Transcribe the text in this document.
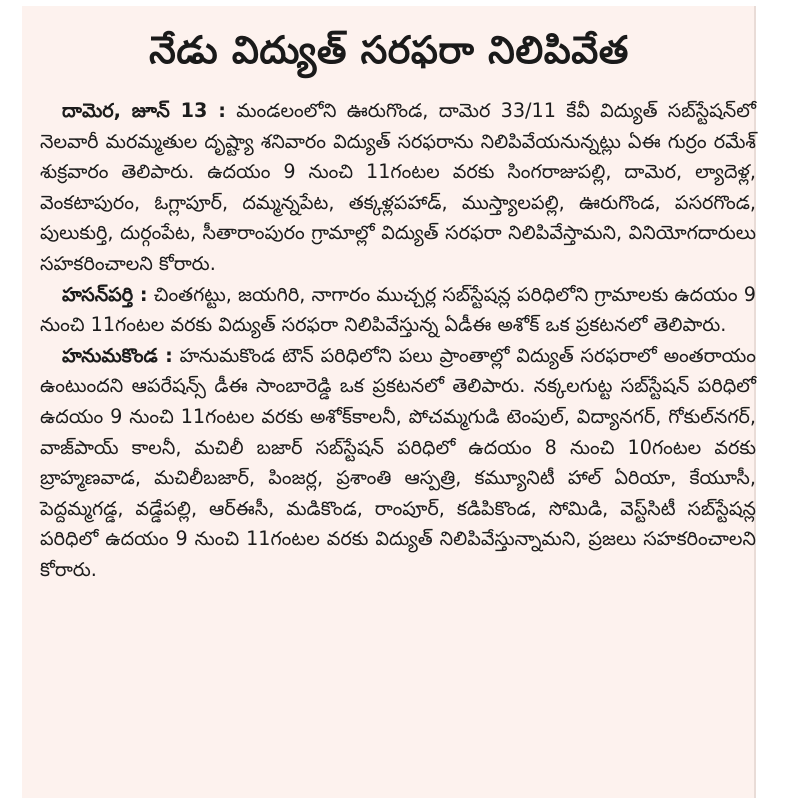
నేడు విద్యుత్ సరఫరా నిలిపివేత

దామెర, జూన్ 13 : మండలంలోని ఊరుగొండ, దామెర 33/11 కేవీ విద్యుత్ సబ్‌స్టేషన్‌లో నెలవారీ మరమ్మతుల దృష్ట్యా శనివారం విద్యుత్ సరఫరాను నిలిపివేయనున్నట్లు ఏఈ గుర్రం రమేశ్ శుక్రవారం తెలిపారు. ఉదయం 9 నుంచి 11గంటల వరకు సింగరాజుపల్లి, దామెర, ల్యాదెళ్ల, వెంకటాపురం, ఓగ్లాపూర్, దమ్మన్నపేట, తక్కళ్లపహాడ్, ముస్త్యాలపల్లి, ఊరుగొండ, పసరగొండ, పులుకుర్తి, దుర్గంపేట, సీతారాంపురం గ్రామాల్లో విద్యుత్ సరఫరా నిలిపివేస్తామని, వినియోగదారులు సహకరించాలని కోరారు.

హసన్‌పర్తి : చింతగట్టు, జయగిరి, నాగారం ముచ్చర్ల సబ్‌స్టేషన్ల పరిధిలోని గ్రామాలకు ఉదయం 9 నుంచి 11గంటల వరకు విద్యుత్ సరఫరా నిలిపివేస్తున్న ఏడీఈ అశోక్ ఒక ప్రకటనలో తెలిపారు.

హనుమకొండ : హనుమకొండ టౌన్ పరిధిలోని పలు ప్రాంతాల్లో విద్యుత్ సరఫరాలో అంతరాయం ఉంటుందని ఆపరేషన్స్ డీఈ సాంబారెడ్డి ఒక ప్రకటనలో తెలిపారు. నక్కలగుట్ట సబ్‌స్టేషన్ పరిధిలో ఉదయం 9 నుంచి 11గంటల వరకు అశోక్‌కాలనీ, పోచమ్మగుడి టెంపుల్, విద్యానగర్, గోకుల్‌నగర్, వాజ్‌పాయ్ కాలనీ, మచిలీ బజార్ సబ్‌స్టేషన్ పరిధిలో ఉదయం 8 నుంచి 10గంటల వరకు బ్రాహ్మణవాడ, మచిలీబజార్, పింజర్ల, ప్రశాంతి ఆస్పత్రి, కమ్యూనిటీ హాల్ ఏరియా, కేయూసీ, పెద్దమ్మగడ్డ, వడ్డేపల్లి, ఆర్‌ఈసీ, మడికొండ, రాంపూర్, కడిపికొండ, సోమిడి, వెస్ట్‌సిటీ సబ్‌స్టేషన్ల పరిధిలో ఉదయం 9 నుంచి 11గంటల వరకు విద్యుత్ నిలిపివేస్తున్నామని, ప్రజలు సహకరించాలని కోరారు.
